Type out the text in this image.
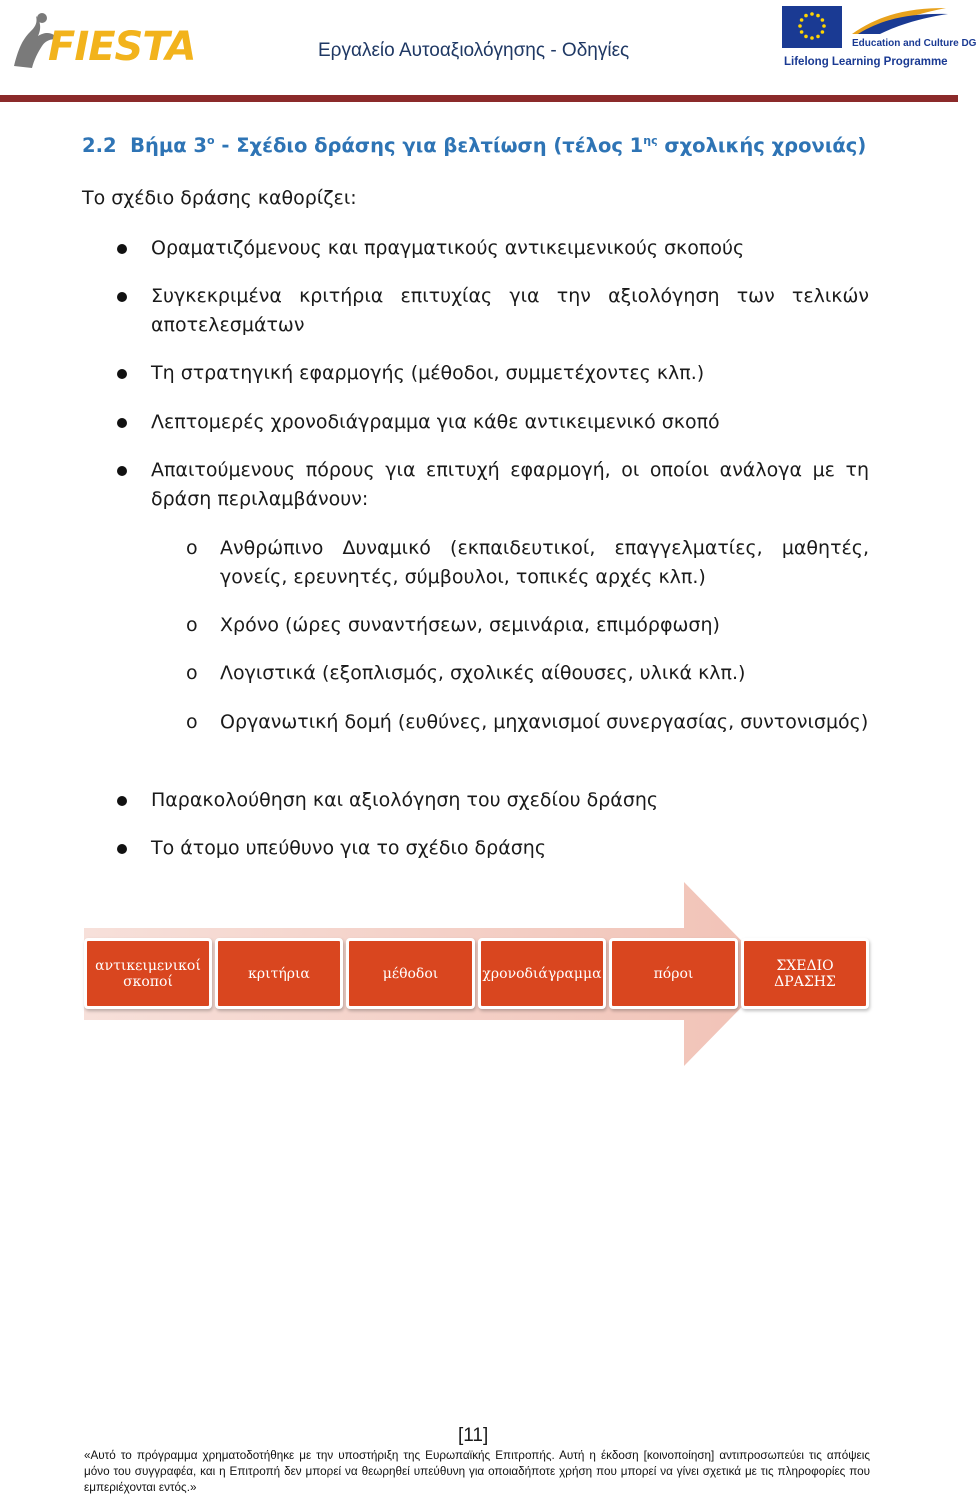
FIESTA	Εργαλείο Αυτοαξιολόγησης - Οδηγίες	Education and Culture DG
Lifelong Learning Programme
2.2 Βήμα $3^o$ - Σχέδιο δράσης για βελτίωση (τέλος $1^{\eta\varsigma}$ σχολικής χρονιάς)
Το σχέδιο δράσης καθορίζει:
Οραματιζόμενους και πραγματικούς αντικειμενικούς σκοπούς
Συγκεκριμένα κριτήρια επιτυχίας για την αξιολόγηση των τελικών αποτελεσμάτων
Τη στρατηγική εφαρμογής (μέθοδοι, συμμετέχοντες κλπ.)
Λεπτομερές χρονοδιάγραμμα για κάθε αντικειμενικό σκοπό
Απαιτούμενους πόρους για επιτυχή εφαρμογή, οι οποίοι ανάλογα με τη δράση περιλαμβάνουν:
o Ανθρώπινο Δυναμικό (εκπαιδευτικοί, επαγγελματίες, μαθητές, γονείς, ερευνητές, σύμβουλοι, τοπικές αρχές κλπ.)
o Χρόνο (ώρες συναντήσεων, σεμινάρια, επιμόρφωση)
o Λογιστικά (εξοπλισμός, σχολικές αίθουσες, υλικά κλπ.)
o Οργανωτική δομή (ευθύνες, μηχανισμοί συνεργασίας, συντονισμός)
Παρακολούθηση και αξιολόγηση του σχεδίου δράσης
Το άτομο υπεύθυνο για το σχέδιο δράσης
αντικειμενικοί σκοποί	κριτήρια	μέθοδοι	χρονοδιάγραμμα	πόροι	ΣΧΕΔΙΟ ΔΡΑΣΗΣ
[11]
«Αυτό το πρόγραμμα χρηματοδοτήθηκε με την υποστήριξη της Ευρωπαϊκής Επιτροπής. Αυτή η έκδοση [κοινοποίηση] αντιπροσωπεύει τις απόψεις μόνο του συγγραφέα, και η Επιτροπή δεν μπορεί να θεωρηθεί υπεύθυνη για οποιαδήποτε χρήση που μπορεί να γίνει σχετικά με τις πληροφορίες που εμπεριέχονται εντός.»
